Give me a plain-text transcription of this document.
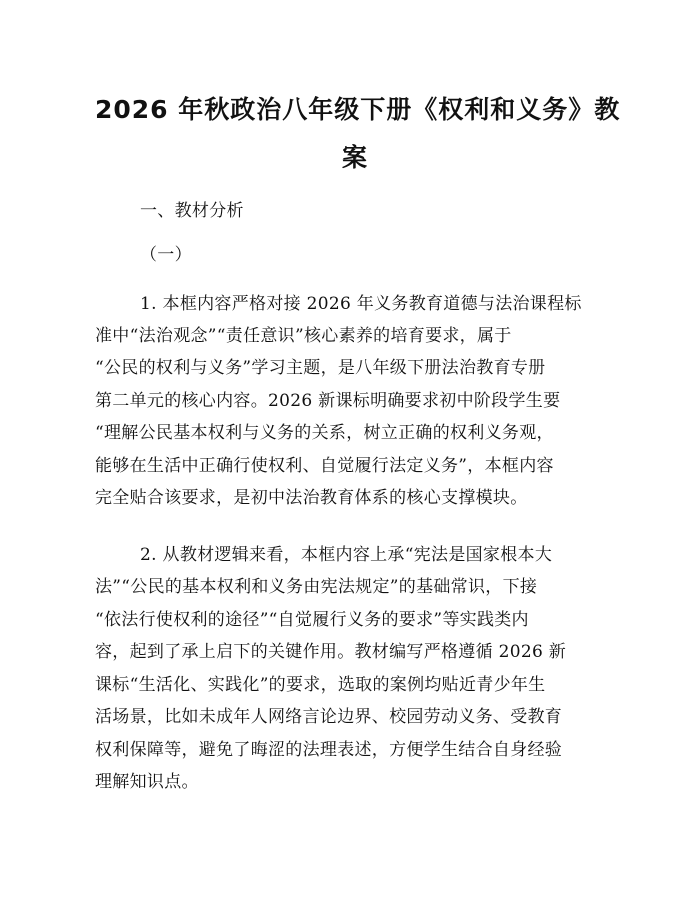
2026 年秋政治八年级下册《权利和义务》教
案

一、教材分析

（一）

1. 本框内容严格对接 2026 年义务教育道德与法治课程标

准中“法治观念”“责任意识”核心素养的培育要求，属于

“公民的权利与义务”学习主题，是八年级下册法治教育专册

第二单元的核心内容。2026 新课标明确要求初中阶段学生要

“理解公民基本权利与义务的关系，树立正确的权利义务观，

能够在生活中正确行使权利、自觉履行法定义务”，本框内容

完全贴合该要求，是初中法治教育体系的核心支撑模块。

2. 从教材逻辑来看，本框内容上承“宪法是国家根本大

法”“公民的基本权利和义务由宪法规定”的基础常识，下接

“依法行使权利的途径”“自觉履行义务的要求”等实践类内

容，起到了承上启下的关键作用。教材编写严格遵循 2026 新

课标“生活化、实践化”的要求，选取的案例均贴近青少年生

活场景，比如未成年人网络言论边界、校园劳动义务、受教育

权利保障等，避免了晦涩的法理表述，方便学生结合自身经验

理解知识点。
